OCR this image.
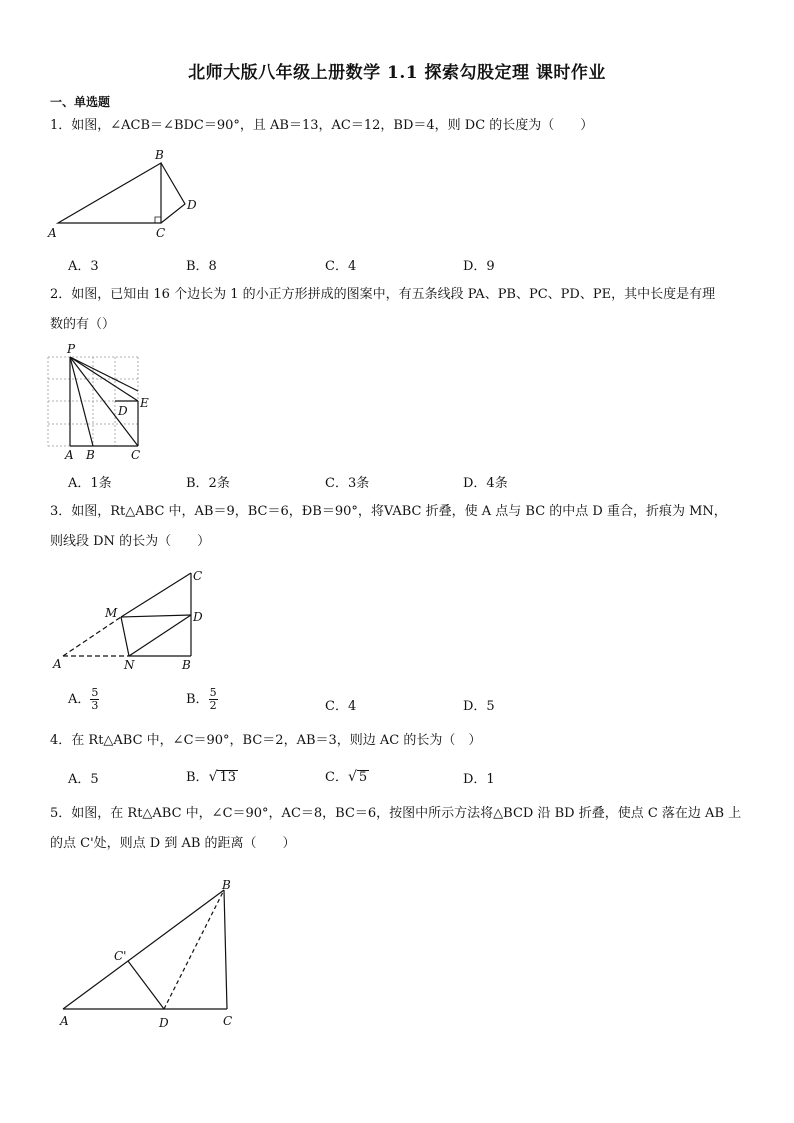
北师大版八年级上册数学 1.1 探索勾股定理 课时作业
一、单选题
1．如图，∠ACB＝∠BDC＝90°，且 AB＝13，AC＝12，BD＝4，则 DC 的长度为（　　）
B
D
A	C
A．3	B．8	C．4	D．9
2．如图，已知由 16 个边长为 1 的小正方形拼成的图案中，有五条线段 PA、PB、PC、PD、PE，其中长度是有理
数的有（）
P
E
D
A B	C
A．1条	B．2条	C．3条	D．4条
3．如图，Rt△ABC 中，AB＝9，BC＝6，ÐB＝90°，将VABC 折叠，使 A 点与 BC 的中点 D 重合，折痕为 MN，
则线段 DN 的长为（　　）
C
M	D
A	N	B
A． $\frac{5}{3}$	B． $\frac{5}{2}$	C．4	D．5
4．在 Rt△ABC 中，∠C＝90°，BC＝2，AB＝3，则边 AC 的长为（　）
A．5	B．√ 13	C．√ 5	D．1
5．如图，在 Rt△ABC 中，∠C＝90°，AC＝8，BC＝6，按图中所示方法将△BCD 沿 BD 折叠，使点 C 落在边 AB 上
的点 C'处，则点 D 到 AB 的距离（　　）
B
C'
A	D	C
